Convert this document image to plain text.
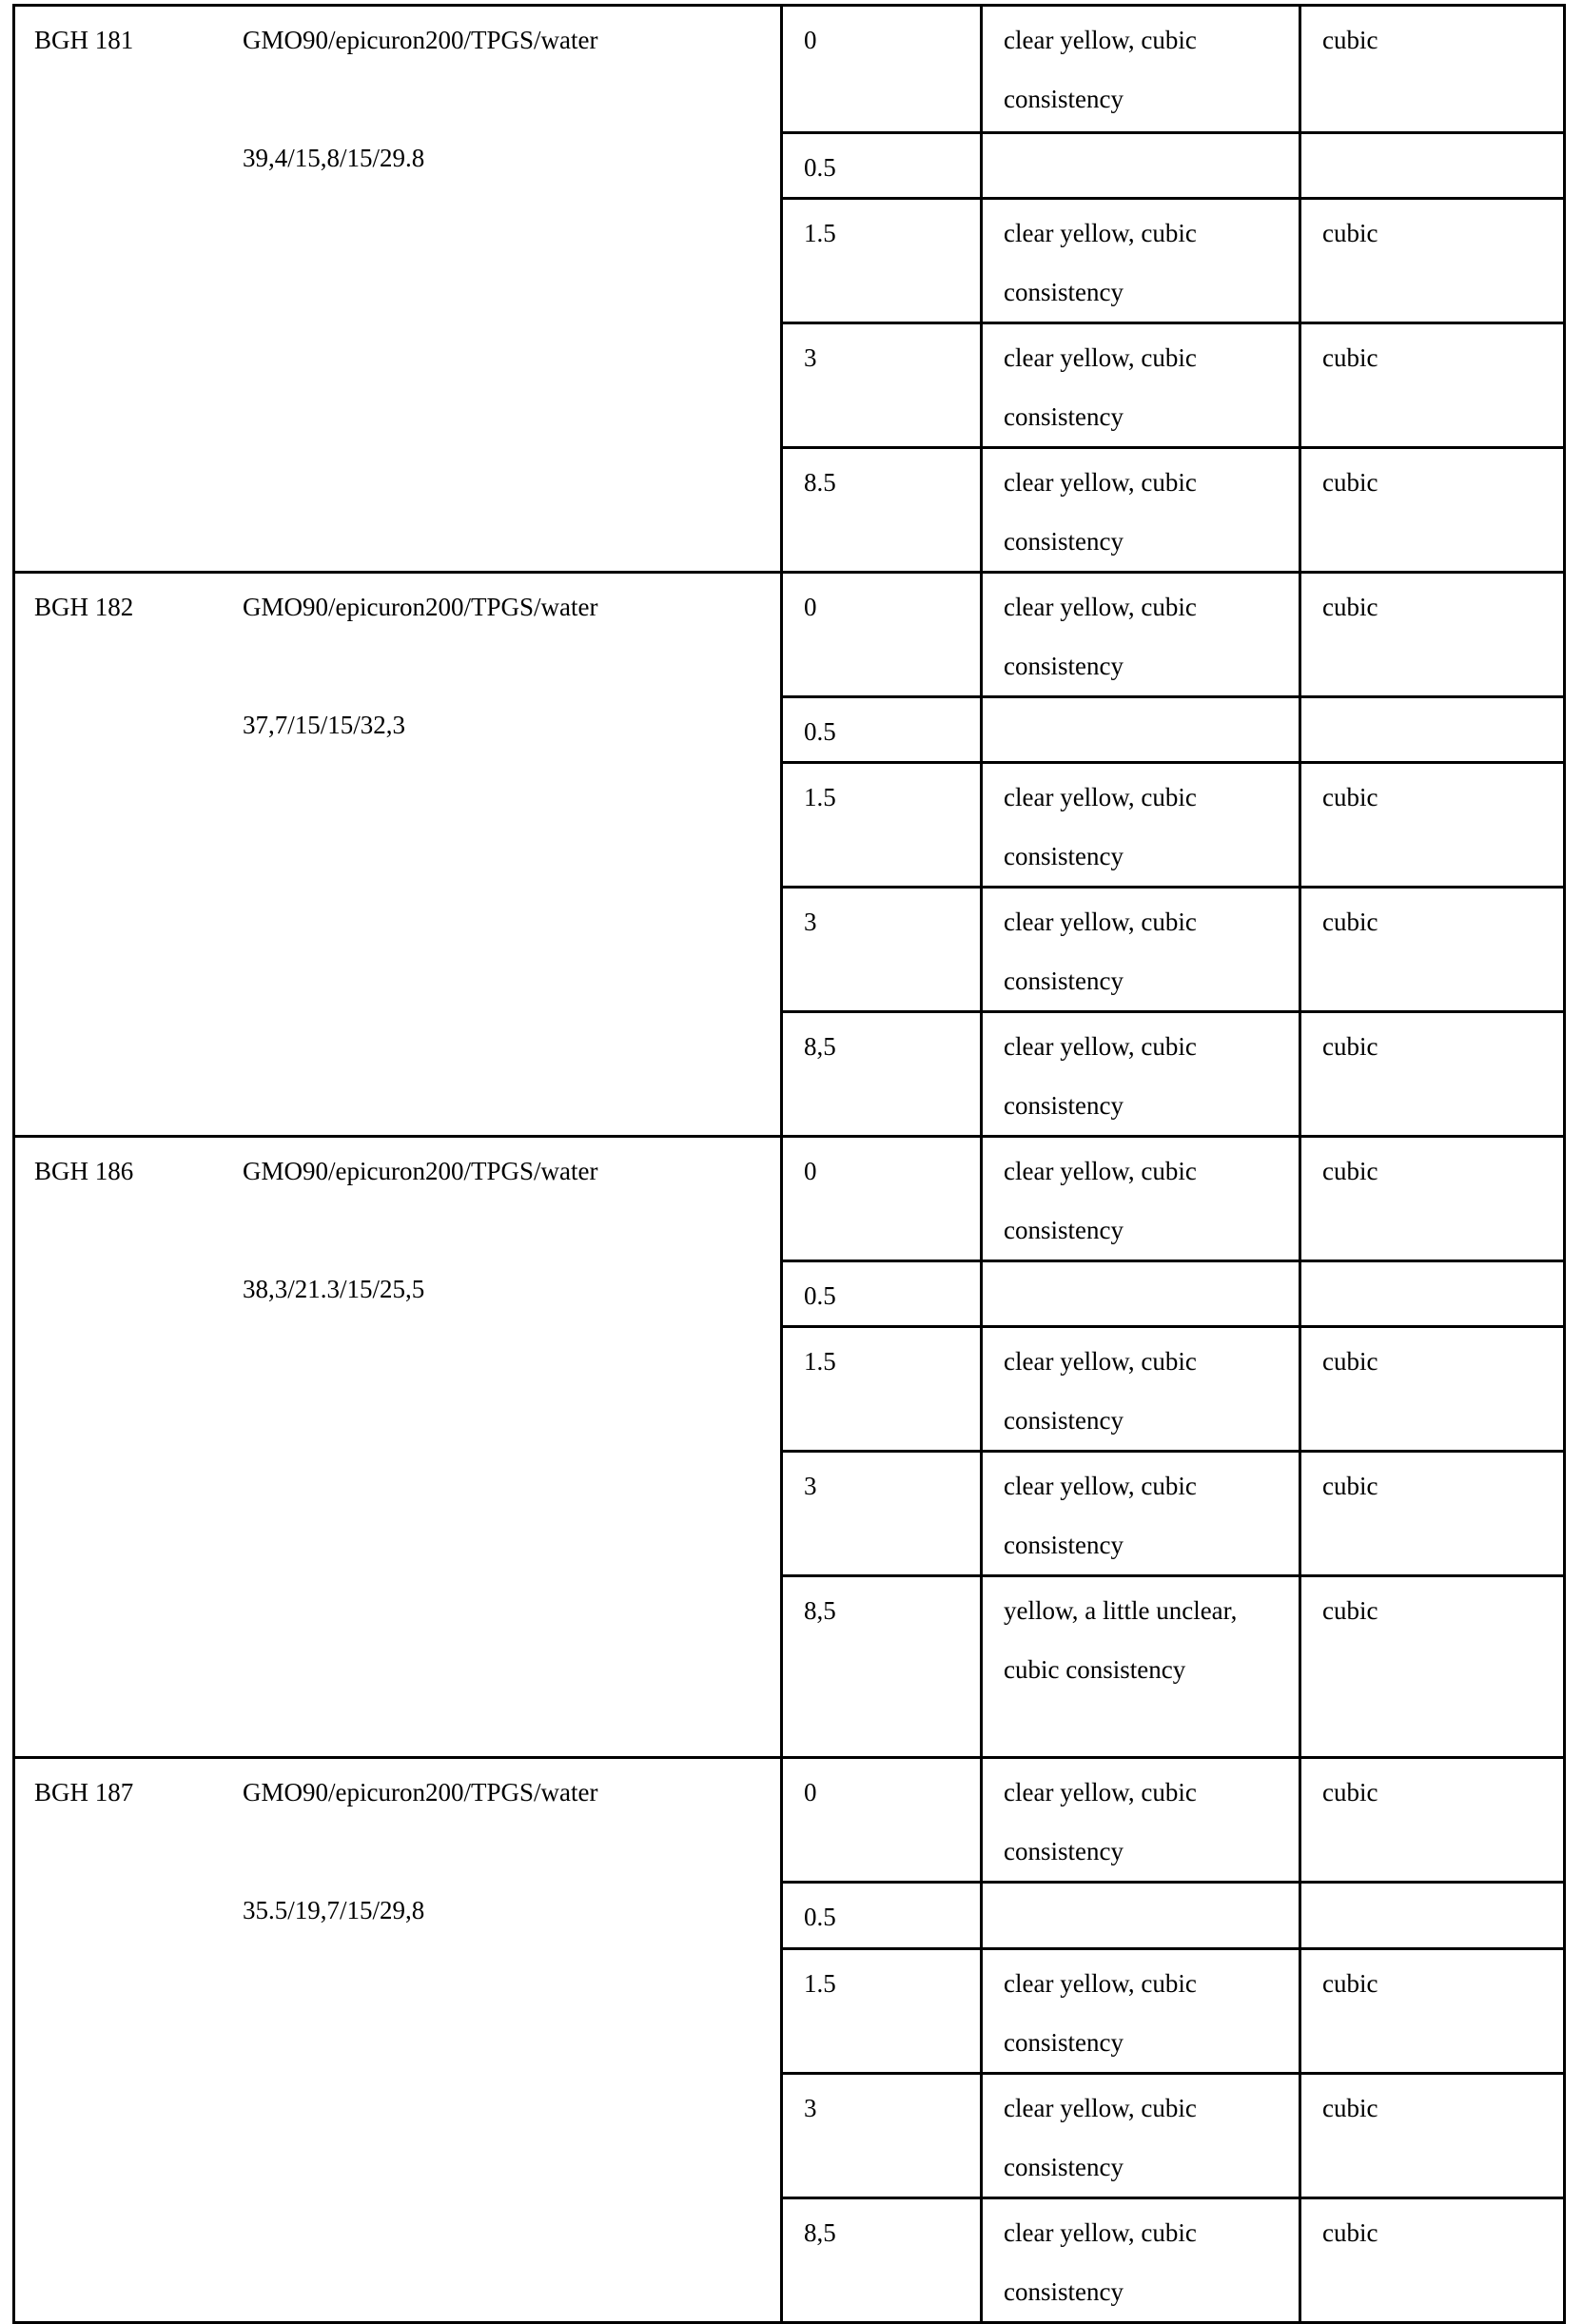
BGH 181	GMO90/epicuron200/TPGS/water
39,4/15,8/15/29.8

0	clear yellow, cubic consistency

cubic

0.5

1.5	clear yellow, cubic consistency

cubic

3	clear yellow, cubic consistency

cubic

8.5	clear yellow, cubic consistency

cubic

BGH 182	GMO90/epicuron200/TPGS/water
37,7/15/15/32,3

0	clear yellow, cubic consistency

cubic

0.5

1.5	clear yellow, cubic consistency

cubic

3	clear yellow, cubic consistency

cubic

8,5	clear yellow, cubic consistency

cubic

BGH 186	GMO90/epicuron200/TPGS/water
38,3/21.3/15/25,5

0	clear yellow, cubic consistency

cubic

0.5

1.5	clear yellow, cubic consistency

cubic

3	clear yellow, cubic consistency

cubic

8,5	yellow, a little unclear, cubic consistency

cubic

BGH 187	GMO90/epicuron200/TPGS/water
35.5/19,7/15/29,8

0	clear yellow, cubic consistency

cubic

0.5

1.5	clear yellow, cubic consistency

cubic

3	clear yellow, cubic consistency

cubic

8,5	clear yellow, cubic consistency

cubic
